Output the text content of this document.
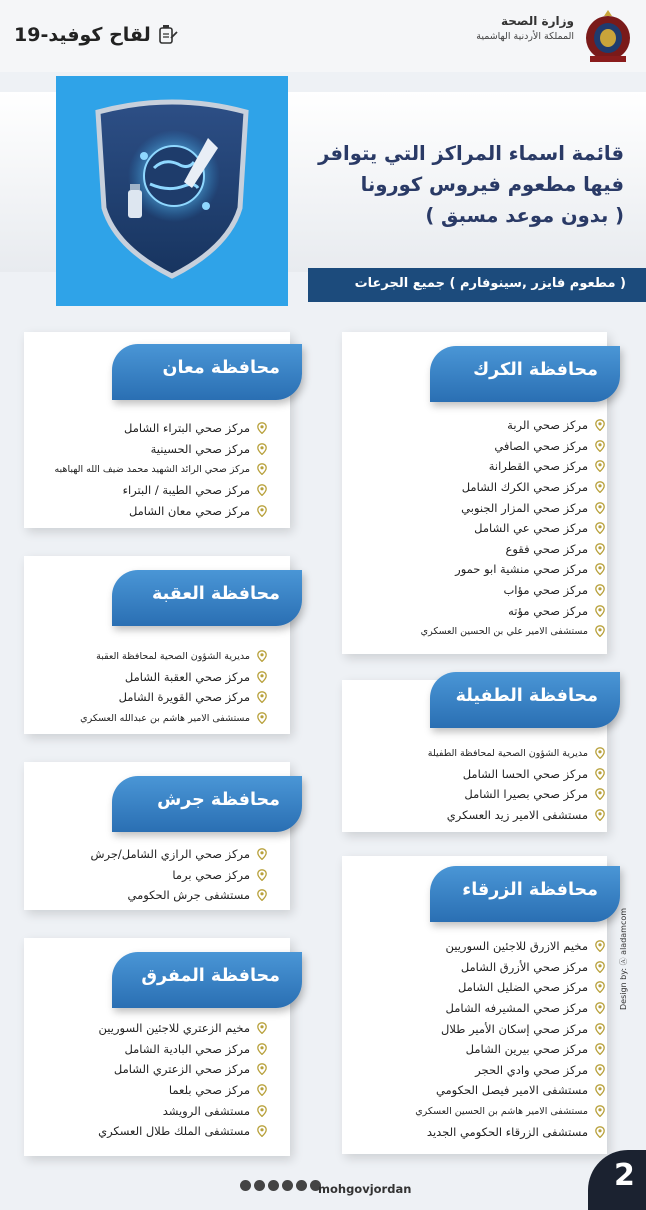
وزارة الصحة
المملكة الأردنية الهاشمية
لقاح كوفيد-19
قائمة اسماء المراكز التي يتوافر
فيها مطعوم فيروس كورونا
( بدون موعد مسبق )
( مطعوم فايزر ,سينوفارم ) جميع الجرعات
محافظة الكرك
مركز صحي الربة
مركز صحي الصافي
مركز صحي القطرانة
مركز صحي الكرك الشامل
مركز صحي المزار الجنوبي
مركز صحي عي الشامل
مركز صحي فقوع
مركز صحي منشية ابو حمور
مركز صحي مؤاب
مركز صحي مؤته
مستشفى الامير علي بن الحسين العسكري
محافظة معان
مركز صحي البتراء الشامل
مركز صحي الحسينية
مركز صحي الرائد الشهيد محمد ضيف الله الهباهبه
مركز صحي الطيبة / البتراء
مركز صحي معان الشامل
محافظة العقبة
مديرية الشؤون الصحية لمحافظة العقبة
مركز صحي العقبة الشامل
مركز صحي القويرة الشامل
مستشفى الامير هاشم بن عبدالله العسكري
محافظة الطفيلة
مديرية الشؤون الصحية لمحافظة الطفيلة
مركز صحي الحسا الشامل
مركز صحي بصيرا الشامل
مستشفى الامير زيد العسكري
محافظة جرش
مركز صحي الرازي الشامل/جرش
مركز صحي برما
مستشفى جرش الحكومي	محافظة الزرقاء
مخيم الازرق للاجئين السوريين
مركز صحي الأزرق الشامل
مركز صحي الضليل الشامل
مركز صحي المشيرفه الشامل
مركز صحي إسكان الأمير طلال
مركز صحي بيرين الشامل
مركز صحي وادي الحجر
مستشفى الامير فيصل الحكومي
مستشفى الامير هاشم بن الحسين العسكري
مستشفى الزرقاء الحكومي الجديد
محافظة المفرق
مخيم الزعتري للاجئين السوريين
مركز صحي البادية الشامل
مركز صحي الزعتري الشامل
مركز صحي بلعما
مستشفى الرويشد
مستشفى الملك طلال العسكري
mohgovjordan
Design by: Ⓐ aladamcom
2
